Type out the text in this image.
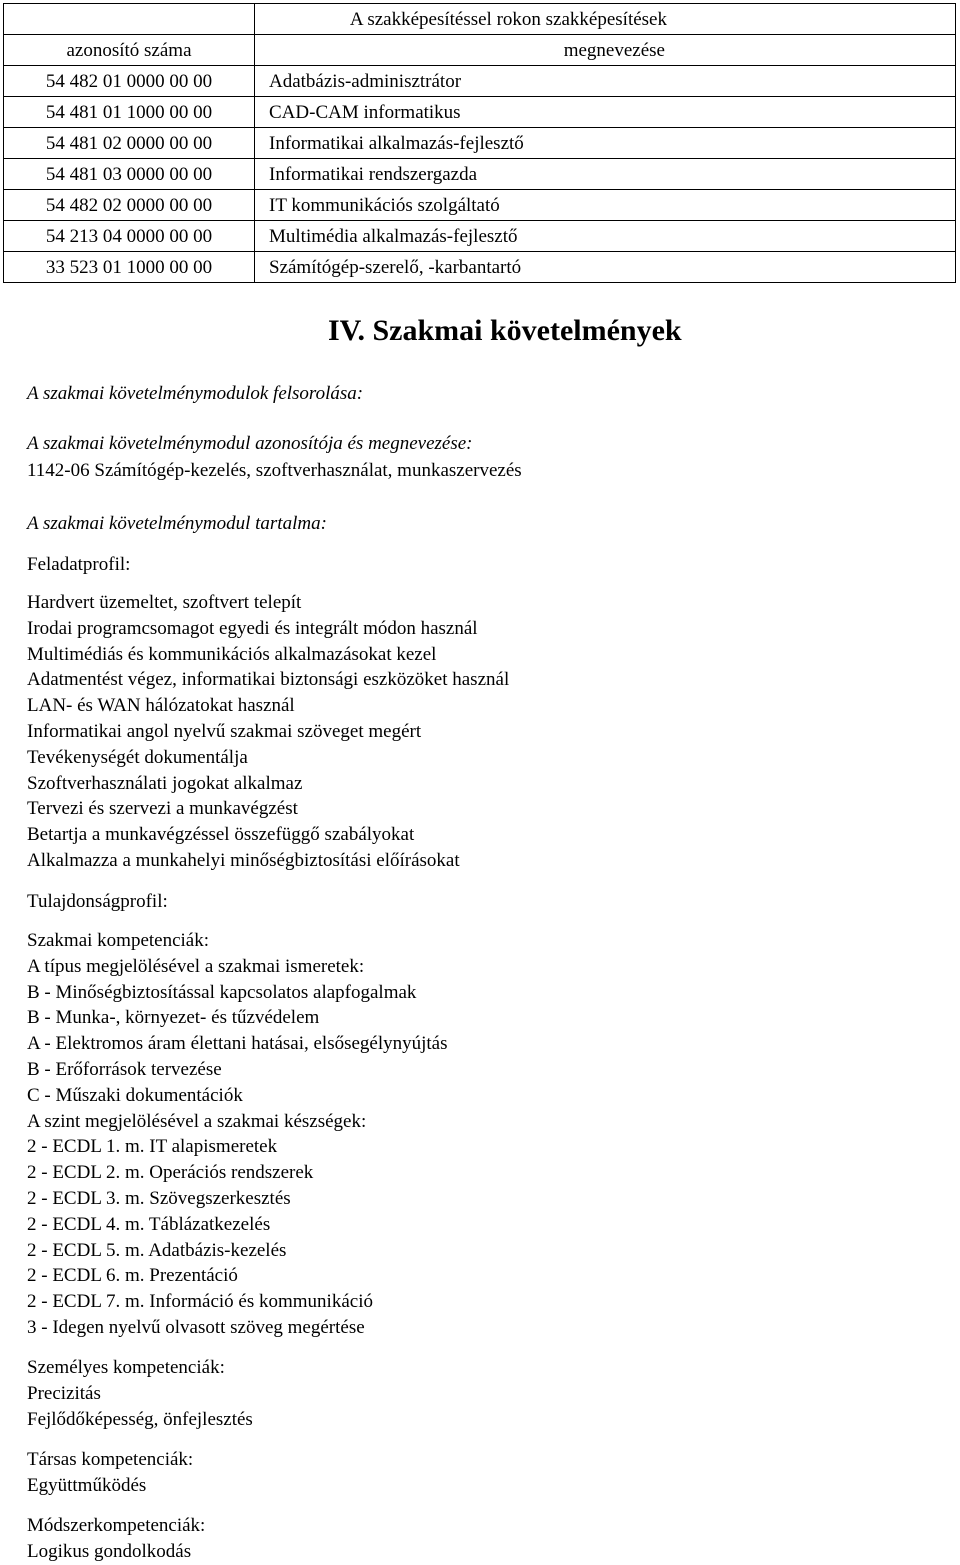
	A szakképesítéssel rokon szakképesítések
azonosító száma	megnevezése
54 482 01 0000 00 00	Adatbázis-adminisztrátor
54 481 01 1000 00 00	CAD-CAM informatikus
54 481 02 0000 00 00	Informatikai alkalmazás-fejlesztő
54 481 03 0000 00 00	Informatikai rendszergazda
54 482 02 0000 00 00	IT kommunikációs szolgáltató
54 213 04 0000 00 00	Multimédia alkalmazás-fejlesztő
33 523 01 1000 00 00	Számítógép-szerelő, -karbantartó
IV. Szakmai követelmények
A szakmai követelménymodulok felsorolása:
A szakmai követelménymodul azonosítója és megnevezése:
1142-06 Számítógép-kezelés, szoftverhasználat, munkaszervezés
A szakmai követelménymodul tartalma:
Feladatprofil:
Hardvert üzemeltet, szoftvert telepít
Irodai programcsomagot egyedi és integrált módon használ
Multimédiás és kommunikációs alkalmazásokat kezel
Adatmentést végez, informatikai biztonsági eszközöket használ
LAN- és WAN hálózatokat használ
Informatikai angol nyelvű szakmai szöveget megért
Tevékenységét dokumentálja
Szoftverhasználati jogokat alkalmaz
Tervezi és szervezi a munkavégzést
Betartja a munkavégzéssel összefüggő szabályokat
Alkalmazza a munkahelyi minőségbiztosítási előírásokat
Tulajdonságprofil:
Szakmai kompetenciák:
A típus megjelölésével a szakmai ismeretek:
B - Minőségbiztosítással kapcsolatos alapfogalmak
B - Munka-, környezet- és tűzvédelem
A - Elektromos áram élettani hatásai, elsősegélynyújtás
B - Erőforrások tervezése
C - Műszaki dokumentációk
A szint megjelölésével a szakmai készségek:
2 - ECDL 1. m. IT alapismeretek
2 - ECDL 2. m. Operációs rendszerek
2 - ECDL 3. m. Szövegszerkesztés
2 - ECDL 4. m. Táblázatkezelés
2 - ECDL 5. m. Adatbázis-kezelés
2 - ECDL 6. m. Prezentáció
2 - ECDL 7. m. Információ és kommunikáció
3 - Idegen nyelvű olvasott szöveg megértése
Személyes kompetenciák:
Precizitás
Fejlődőképesség, önfejlesztés
Társas kompetenciák:
Együttműködés
Módszerkompetenciák:
Logikus gondolkodás
